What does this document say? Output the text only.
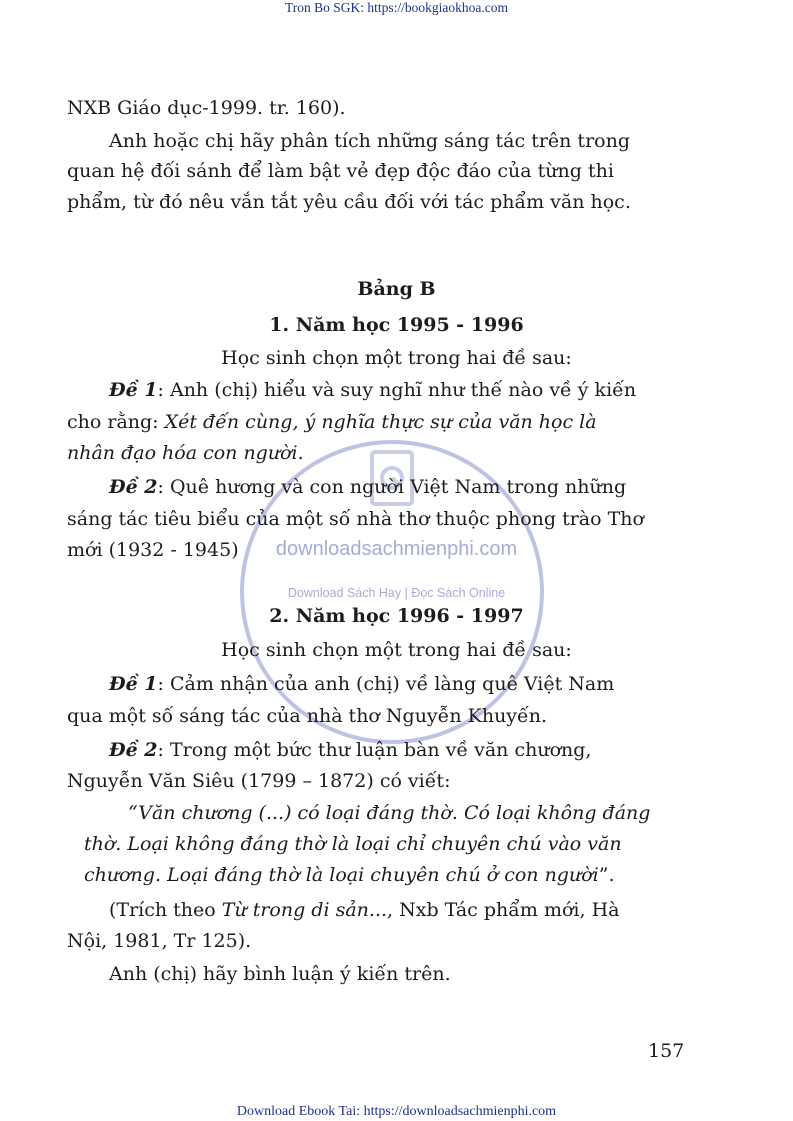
Tron Bo SGK: https://bookgiaokhoa.com
downloadsachmienphi.com
Download Sách Hay | Đọc Sách Online
NXB Giáo dục-1999. tr. 160).
Anh hoặc chị hãy phân tích những sáng tác trên trong
quan hệ đối sánh để làm bật vẻ đẹp độc đáo của từng thi
phẩm, từ đó nêu vắn tắt yêu cầu đối với tác phẩm văn học.
Bảng B
1. Năm học 1995 - 1996
Học sinh chọn một trong hai đề sau:
Đề 1: Anh (chị) hiểu và suy nghĩ như thế nào về ý kiến
cho rằng: Xét đến cùng, ý nghĩa thực sự của văn học là
nhân đạo hóa con người.
Đề 2: Quê hương và con người Việt Nam trong những
sáng tác tiêu biểu của một số nhà thơ thuộc phong trào Thơ
mới (1932 - 1945)
2. Năm học 1996 - 1997
Học sinh chọn một trong hai đề sau:
Đề 1: Cảm nhận của anh (chị) về làng quê Việt Nam
qua một số sáng tác của nhà thơ Nguyễn Khuyến.
Đề 2: Trong một bức thư luận bàn về văn chương,
Nguyễn Văn Siêu (1799 – 1872) có viết:
“Văn chương (...) có loại đáng thờ. Có loại không đáng
thờ. Loại không đáng thờ là loại chỉ chuyên chú vào văn
chương. Loại đáng thờ là loại chuyên chú ở con người”.
(Trích theo Từ trong di sản..., Nxb Tác phẩm mới, Hà
Nội, 1981, Tr 125).
Anh (chị) hãy bình luận ý kiến trên.
157
Download Ebook Tai: https://downloadsachmienphi.com
